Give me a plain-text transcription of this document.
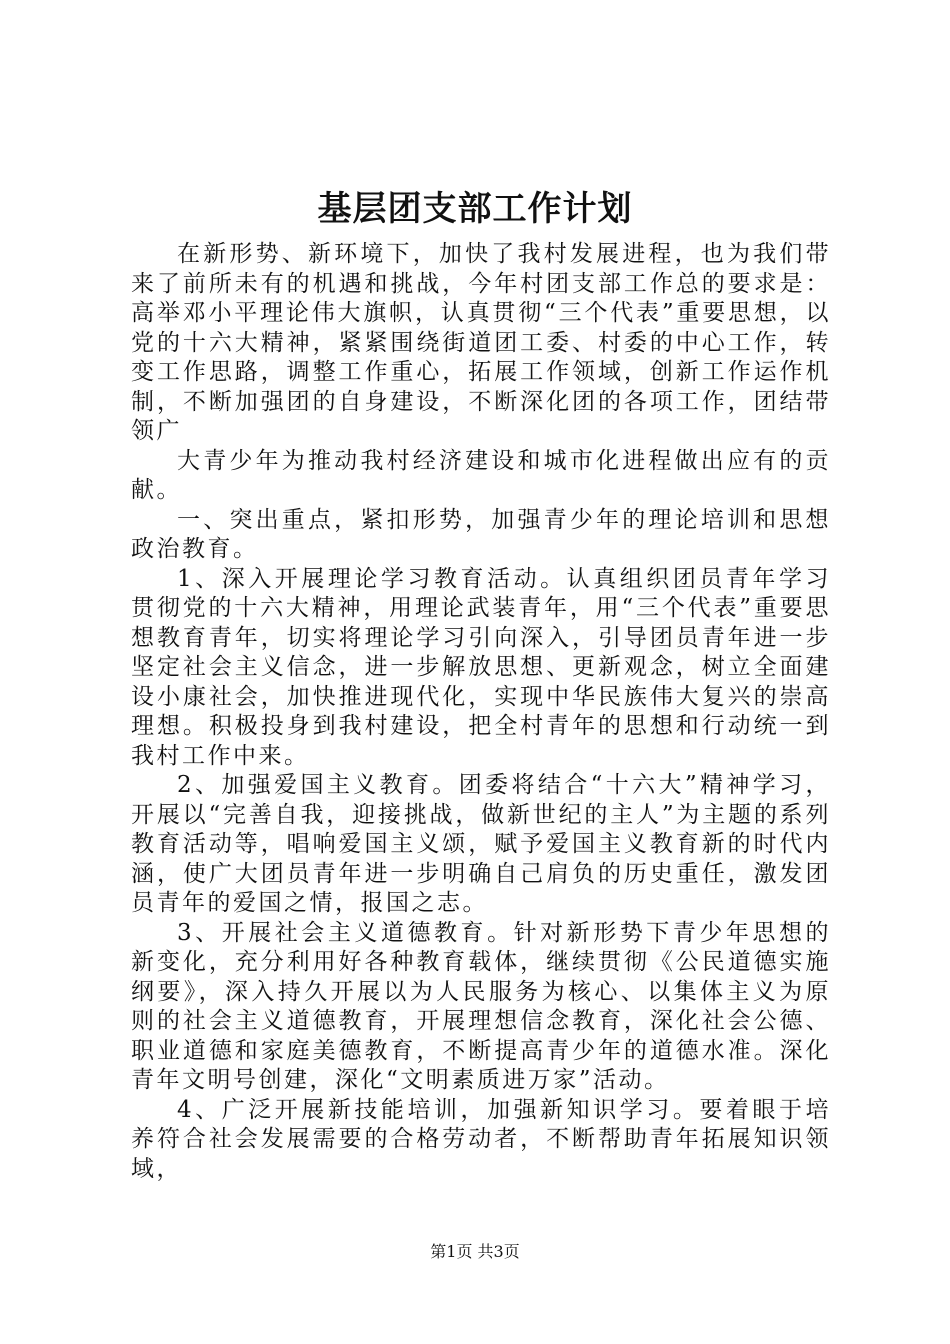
基层团支部工作计划

在新形势、新环境下，加快了我村发展进程，也为我们带来了前所未有的机遇和挑战，今年村团支部工作总的要求是：高举邓小平理论伟大旗帜，认真贯彻“三个代表”重要思想，以党的十六大精神，紧紧围绕街道团工委、村委的中心工作，转变工作思路，调整工作重心，拓展工作领域，创新工作运作机制，不断加强团的自身建设，不断深化团的各项工作，团结带领广

大青少年为推动我村经济建设和城市化进程做出应有的贡献。

一、突出重点，紧扣形势，加强青少年的理论培训和思想政治教育。

1、深入开展理论学习教育活动。认真组织团员青年学习贯彻党的十六大精神，用理论武装青年，用“三个代表”重要思想教育青年，切实将理论学习引向深入，引导团员青年进一步坚定社会主义信念，进一步解放思想、更新观念，树立全面建设小康社会，加快推进现代化，实现中华民族伟大复兴的崇高理想。积极投身到我村建设，把全村青年的思想和行动统一到我村工作中来。

2、加强爱国主义教育。团委将结合“十六大”精神学习，开展以“完善自我，迎接挑战，做新世纪的主人”为主题的系列教育活动等，唱响爱国主义颂，赋予爱国主义教育新的时代内涵，使广大团员青年进一步明确自己肩负的历史重任，激发团员青年的爱国之情，报国之志。

3、开展社会主义道德教育。针对新形势下青少年思想的新变化，充分利用好各种教育载体，继续贯彻《公民道德实施纲要》，深入持久开展以为人民服务为核心、以集体主义为原则的社会主义道德教育，开展理想信念教育，深化社会公德、职业道德和家庭美德教育，不断提高青少年的道德水准。深化青年文明号创建，深化“文明素质进万家”活动。

4、广泛开展新技能培训，加强新知识学习。要着眼于培养符合社会发展需要的合格劳动者，不断帮助青年拓展知识领域，

第1页 共3页
